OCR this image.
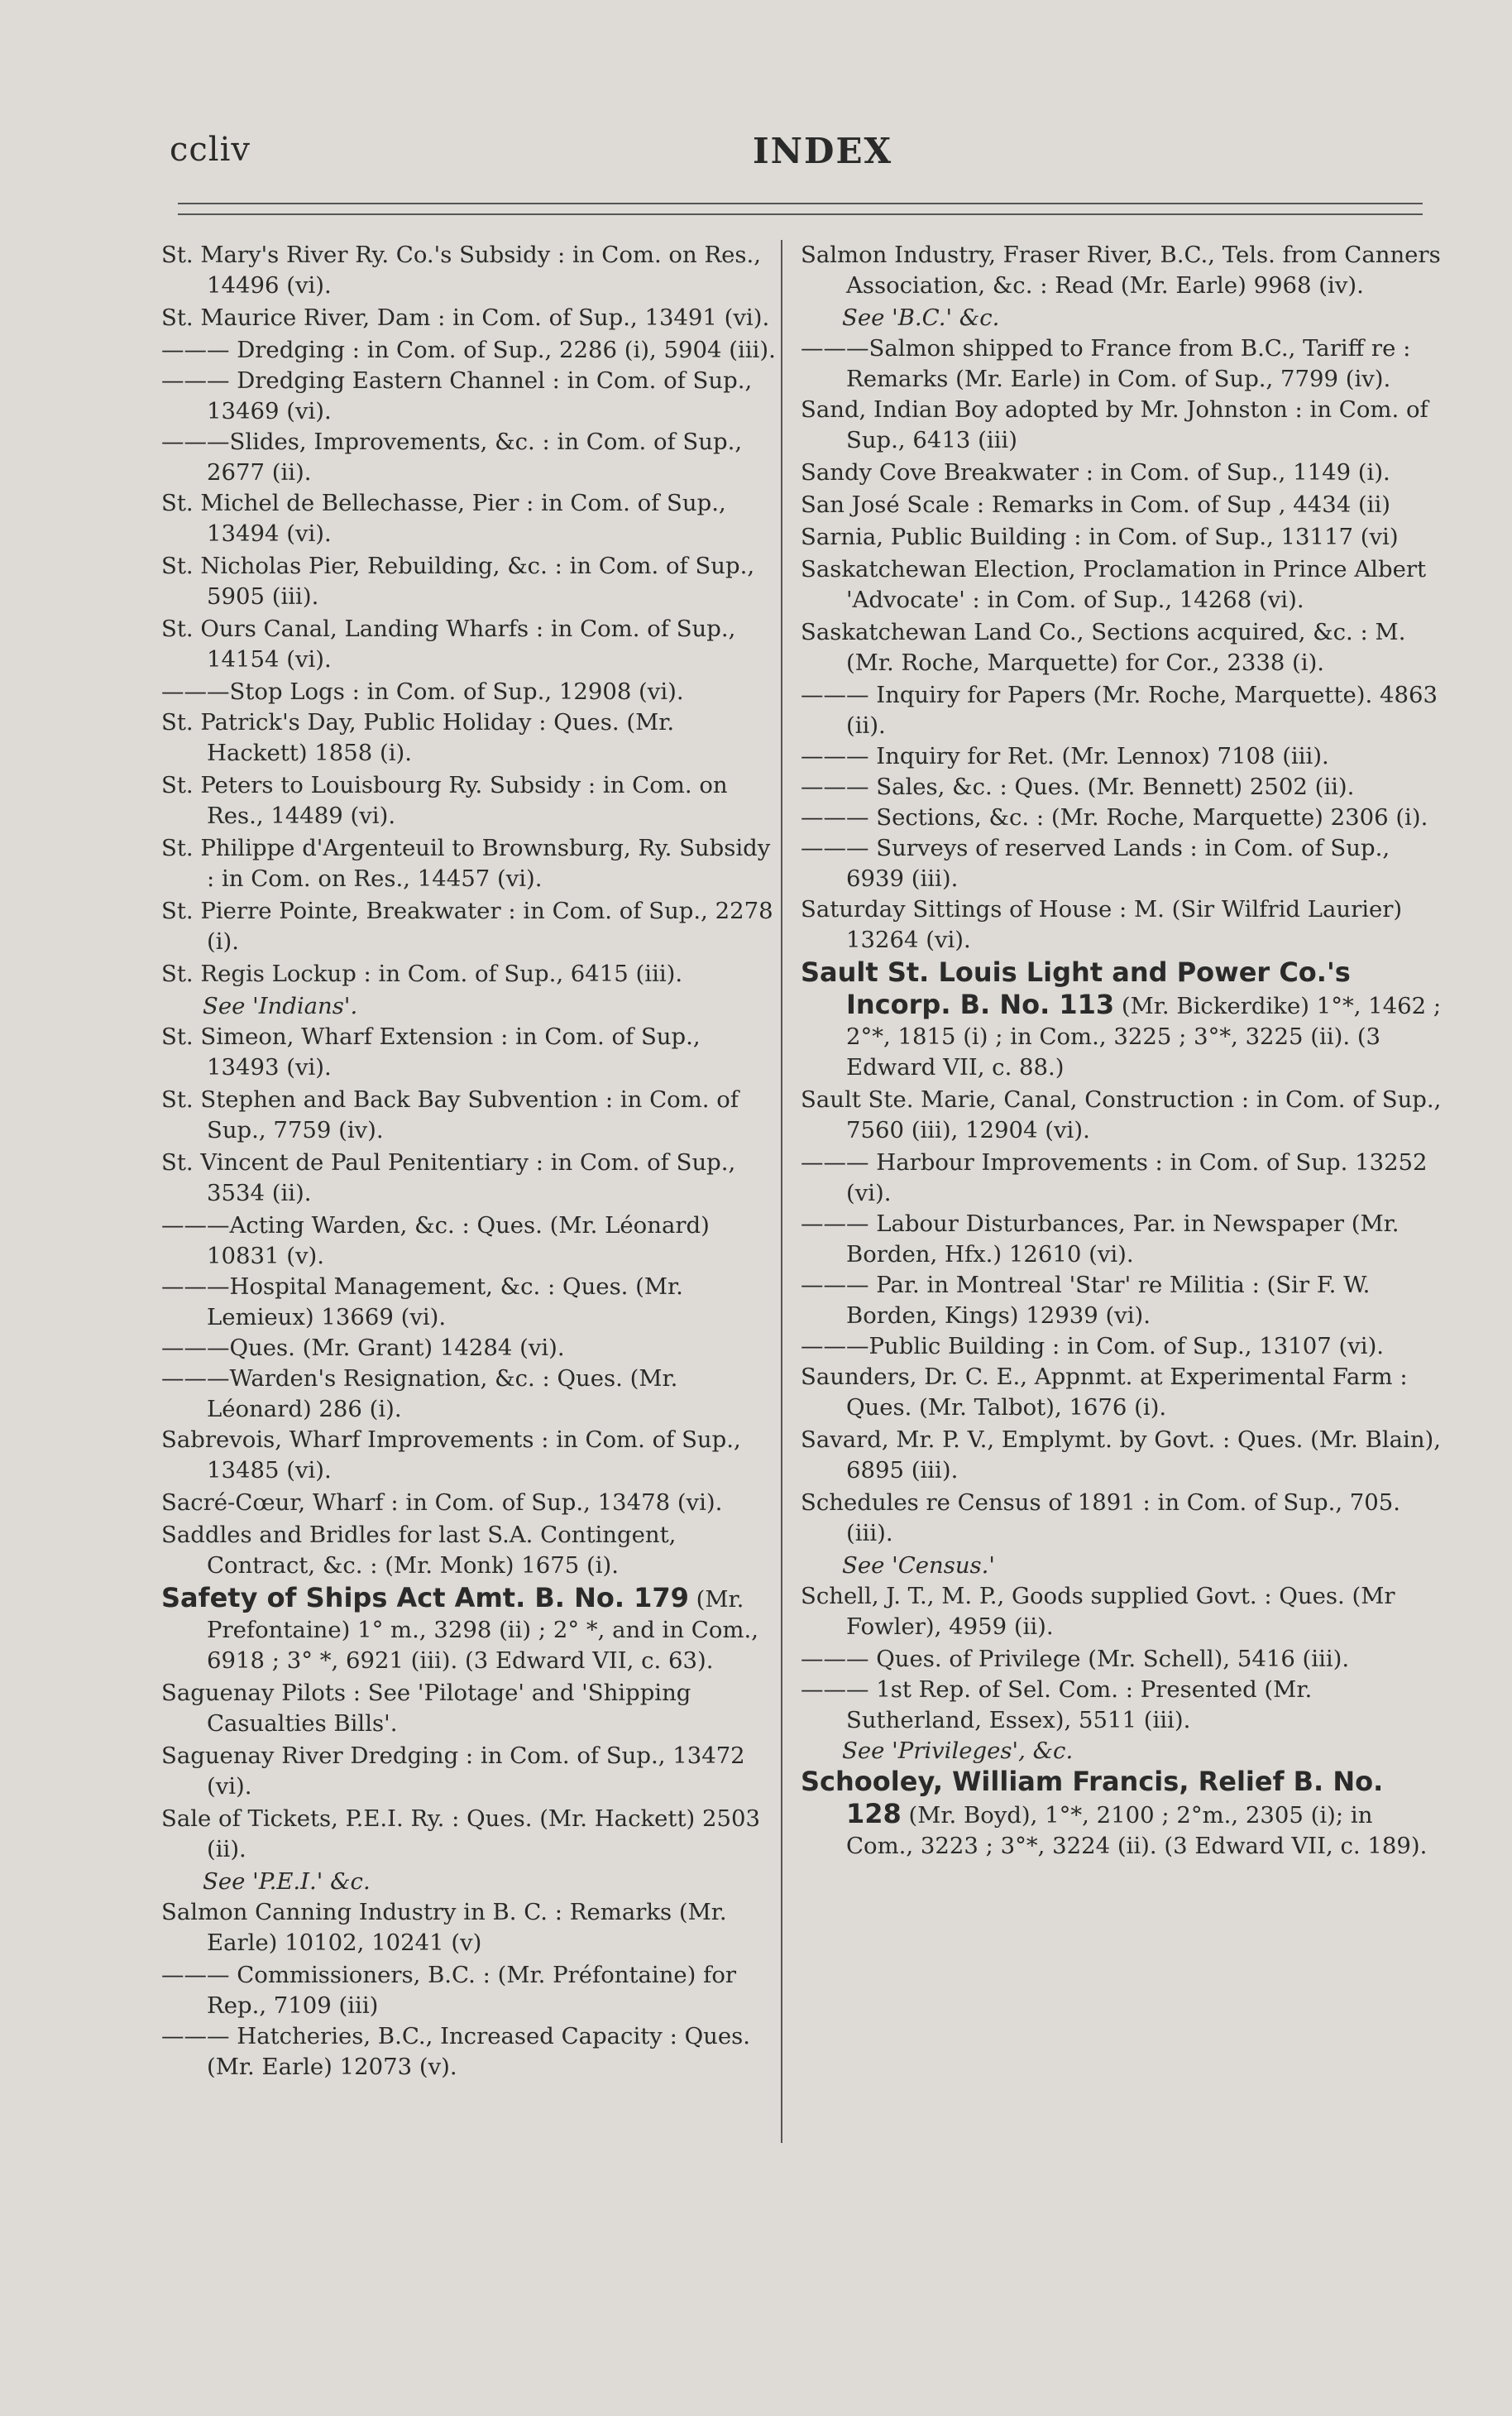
ccliv	INDEX
St. Mary's River Ry. Co.'s Subsidy : in Com. on Res., 14496 (vi).
St. Maurice River, Dam : in Com. of Sup., 13491 (vi).
——— Dredging : in Com. of Sup., 2286 (i), 5904 (iii).
——— Dredging Eastern Channel : in Com. of Sup., 13469 (vi).
———Slides, Improvements, &c. : in Com. of Sup., 2677 (ii).
St. Michel de Bellechasse, Pier : in Com. of Sup., 13494 (vi).
St. Nicholas Pier, Rebuilding, &c. : in Com. of Sup., 5905 (iii).
St. Ours Canal, Landing Wharfs : in Com. of Sup., 14154 (vi).
———Stop Logs : in Com. of Sup., 12908 (vi).
St. Patrick's Day, Public Holiday : Ques. (Mr. Hackett) 1858 (i).
St. Peters to Louisbourg Ry. Subsidy : in Com. on Res., 14489 (vi).
St. Philippe d'Argenteuil to Brownsburg, Ry. Subsidy : in Com. on Res., 14457 (vi).
St. Pierre Pointe, Breakwater : in Com. of Sup., 2278 (i).
St. Regis Lockup : in Com. of Sup., 6415 (iii).
See 'Indians'.
St. Simeon, Wharf Extension : in Com. of Sup., 13493 (vi).
St. Stephen and Back Bay Subvention : in Com. of Sup., 7759 (iv).
St. Vincent de Paul Penitentiary : in Com. of Sup., 3534 (ii).
———Acting Warden, &c. : Ques. (Mr. Léonard) 10831 (v).
———Hospital Management, &c. : Ques. (Mr. Lemieux) 13669 (vi).
———Ques. (Mr. Grant) 14284 (vi).
———Warden's Resignation, &c. : Ques. (Mr. Léonard) 286 (i).
Sabrevois, Wharf Improvements : in Com. of Sup., 13485 (vi).
Sacré-Cœur, Wharf : in Com. of Sup., 13478 (vi).
Saddles and Bridles for last S.A. Contingent, Contract, &c. : (Mr. Monk) 1675 (i).
Safety of Ships Act Amt. B. No. 179 (Mr. Prefontaine) 1° m., 3298 (ii) ; 2° *, and in Com., 6918 ; 3° *, 6921 (iii). (3 Edward VII, c. 63).
Saguenay Pilots : See 'Pilotage' and 'Shipping Casualties Bills'.
Saguenay River Dredging : in Com. of Sup., 13472 (vi).
Sale of Tickets, P.E.I. Ry. : Ques. (Mr. Hackett) 2503 (ii).
See 'P.E.I.' &c.
Salmon Canning Industry in B. C. : Remarks (Mr. Earle) 10102, 10241 (v)
——— Commissioners, B.C. : (Mr. Préfontaine) for Rep., 7109 (iii)
——— Hatcheries, B.C., Increased Capacity : Ques. (Mr. Earle) 12073 (v).
Salmon Industry, Fraser River, B.C., Tels. from Canners Association, &c. : Read (Mr. Earle) 9968 (iv).
See 'B.C.' &c.
———Salmon shipped to France from B.C., Tariff re : Remarks (Mr. Earle) in Com. of Sup., 7799 (iv).
Sand, Indian Boy adopted by Mr. Johnston : in Com. of Sup., 6413 (iii)
Sandy Cove Breakwater : in Com. of Sup., 1149 (i).
San José Scale : Remarks in Com. of Sup , 4434 (ii)
Sarnia, Public Building : in Com. of Sup., 13117 (vi)
Saskatchewan Election, Proclamation in Prince Albert 'Advocate' : in Com. of Sup., 14268 (vi).
Saskatchewan Land Co., Sections acquired, &c. : M. (Mr. Roche, Marquette) for Cor., 2338 (i).
——— Inquiry for Papers (Mr. Roche, Marquette). 4863 (ii).
——— Inquiry for Ret. (Mr. Lennox) 7108 (iii).
——— Sales, &c. : Ques. (Mr. Bennett) 2502 (ii).
——— Sections, &c. : (Mr. Roche, Marquette) 2306 (i).
——— Surveys of reserved Lands : in Com. of Sup., 6939 (iii).
Saturday Sittings of House : M. (Sir Wilfrid Laurier) 13264 (vi).
Sault St. Louis Light and Power Co.'s Incorp. B. No. 113 (Mr. Bickerdike) 1°*, 1462 ; 2°*, 1815 (i) ; in Com., 3225 ; 3°*, 3225 (ii). (3 Edward VII, c. 88.)
Sault Ste. Marie, Canal, Construction : in Com. of Sup., 7560 (iii), 12904 (vi).
——— Harbour Improvements : in Com. of Sup. 13252 (vi).
——— Labour Disturbances, Par. in Newspaper (Mr. Borden, Hfx.) 12610 (vi).
——— Par. in Montreal 'Star' re Militia : (Sir F. W. Borden, Kings) 12939 (vi).
———Public Building : in Com. of Sup., 13107 (vi).
Saunders, Dr. C. E., Appnmt. at Experimental Farm : Ques. (Mr. Talbot), 1676 (i).
Savard, Mr. P. V., Emplymt. by Govt. : Ques. (Mr. Blain), 6895 (iii).
Schedules re Census of 1891 : in Com. of Sup., 705. (iii).
See 'Census.'
Schell, J. T., M. P., Goods supplied Govt. : Ques. (Mr Fowler), 4959 (ii).
——— Ques. of Privilege (Mr. Schell), 5416 (iii).
——— 1st Rep. of Sel. Com. : Presented (Mr. Sutherland, Essex), 5511 (iii).
See 'Privileges', &c.
Schooley, William Francis, Relief B. No. 128 (Mr. Boyd), 1°*, 2100 ; 2°m., 2305 (i); in Com., 3223 ; 3°*, 3224 (ii). (3 Edward VII, c. 189).
